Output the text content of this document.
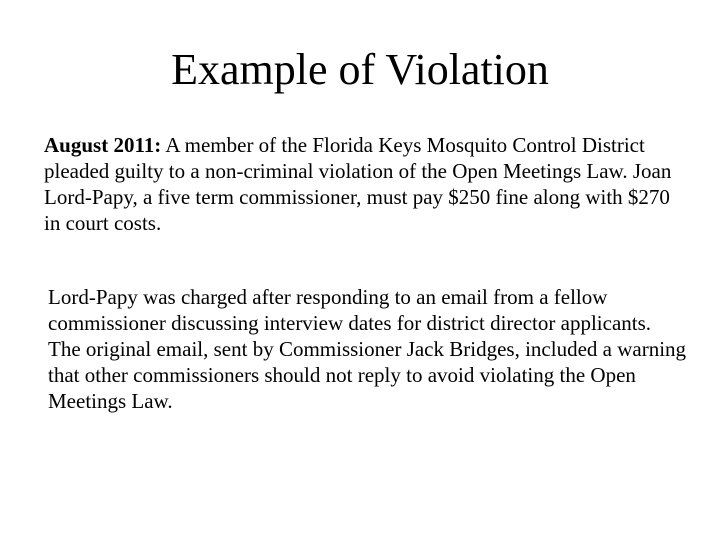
Example of Violation

August 2011: A member of the Florida Keys Mosquito Control District pleaded guilty to a non-criminal violation of the Open Meetings Law. Joan Lord-Papy, a five term commissioner, must pay $250 fine along with $270 in court costs.

Lord-Papy was charged after responding to an email from a fellow commissioner discussing interview dates for district director applicants. The original email, sent by Commissioner Jack Bridges, included a warning that other commissioners should not reply to avoid violating the Open Meetings Law.
